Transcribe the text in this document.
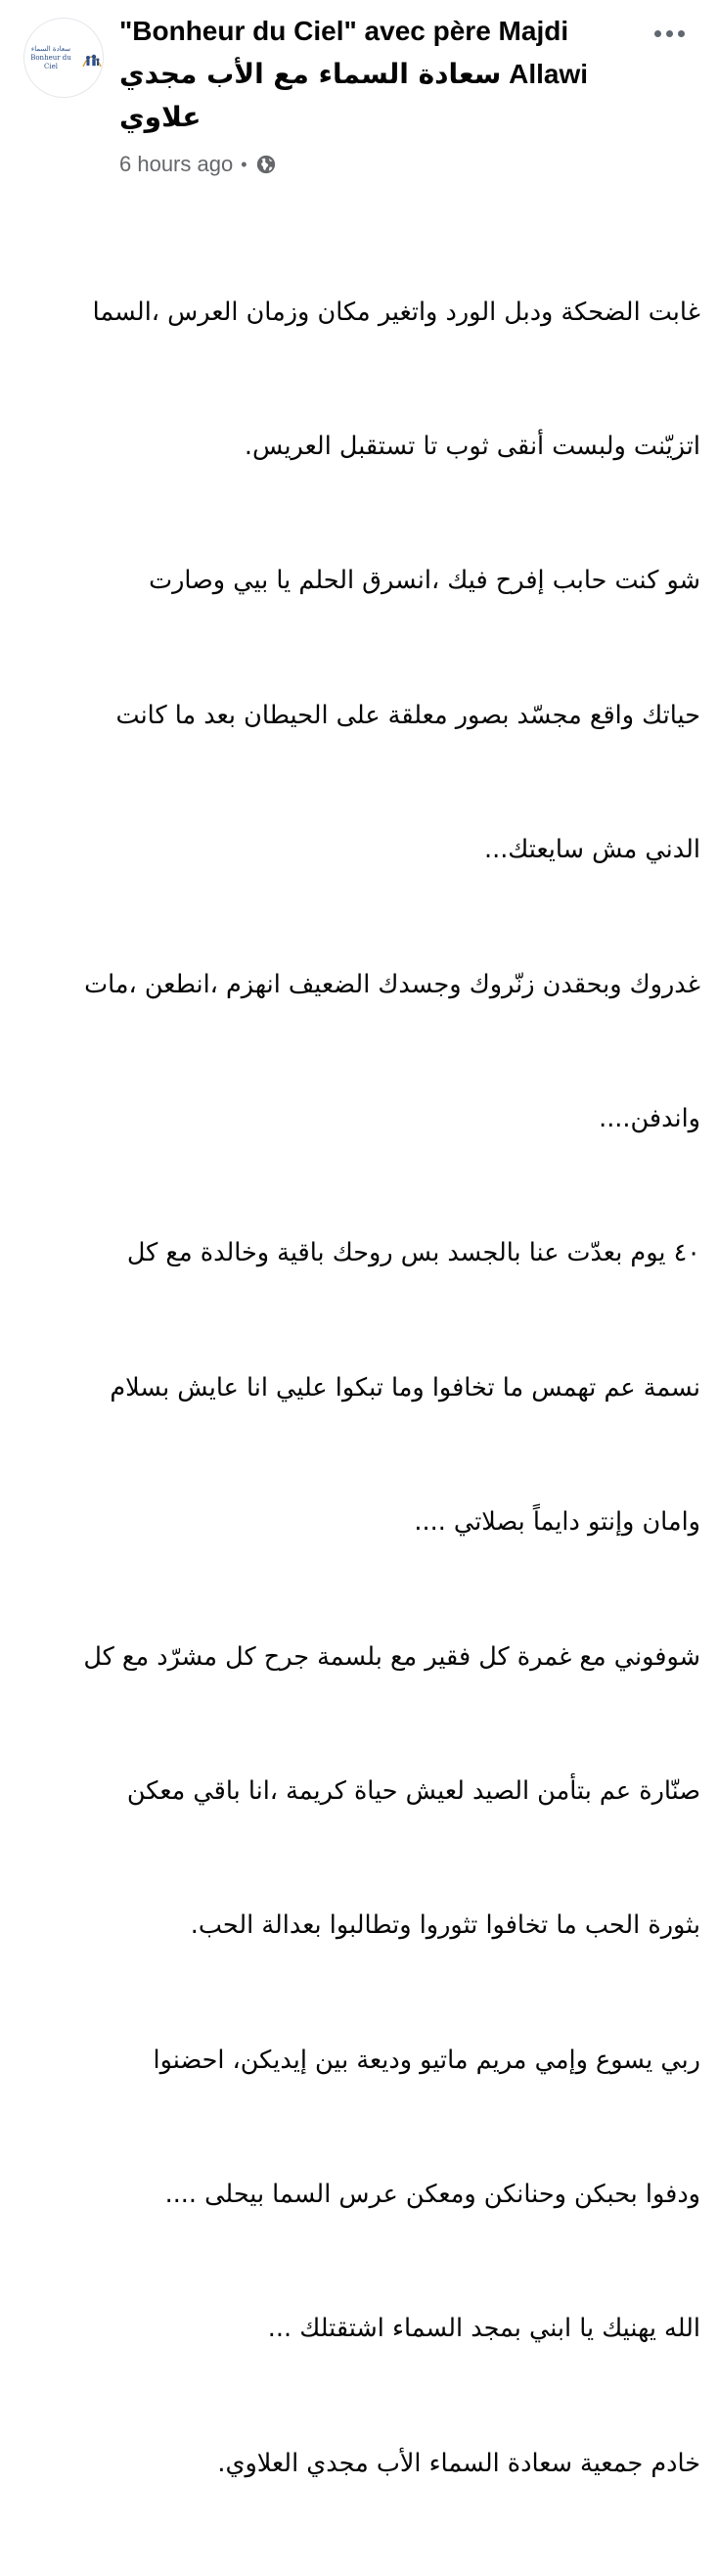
سعادة السماء
Bonheur du Ciel
"Bonheur du Ciel" avec père Majdi

سعادة السماء مع الأب مجدي Allawi
علاوي
6 hours ago •

غابت الضحكة ودبل الورد واتغير مكان وزمان العرس ،السما

اتزيّنت ولبست أنقى ثوب تا تستقبل العريس.

شو كنت حابب إفرح فيك ،انسرق الحلم يا بيي وصارت

حياتك واقع مجسّد بصور معلقة على الحيطان بعد ما كانت

الدني مش سايعتك...

غدروك وبحقدن زنّروك وجسدك الضعيف انهزم ،انطعن ،مات

واندفن....

٤٠ يوم بعدّت عنا بالجسد بس روحك باقية وخالدة مع كل

نسمة عم تهمس ما تخافوا وما تبكوا عليي انا عايش بسلام

وامان وإنتو دايماً بصلاتي ....

شوفوني مع غمرة كل فقير مع بلسمة جرح كل مشرّد مع كل

صنّارة عم بتأمن الصيد لعيش حياة كريمة ،انا باقي معكن

بثورة الحب ما تخافوا تثوروا وتطالبوا بعدالة الحب.

ربي يسوع وإمي مريم ماتيو وديعة بين إيديكن، احضنوا

ودفوا بحبكن وحنانكن ومعكن عرس السما بيحلى ....

الله يهنيك يا ابني بمجد السماء اشتقتلك ...

خادم جمعية سعادة السماء الأب مجدي العلاوي.
